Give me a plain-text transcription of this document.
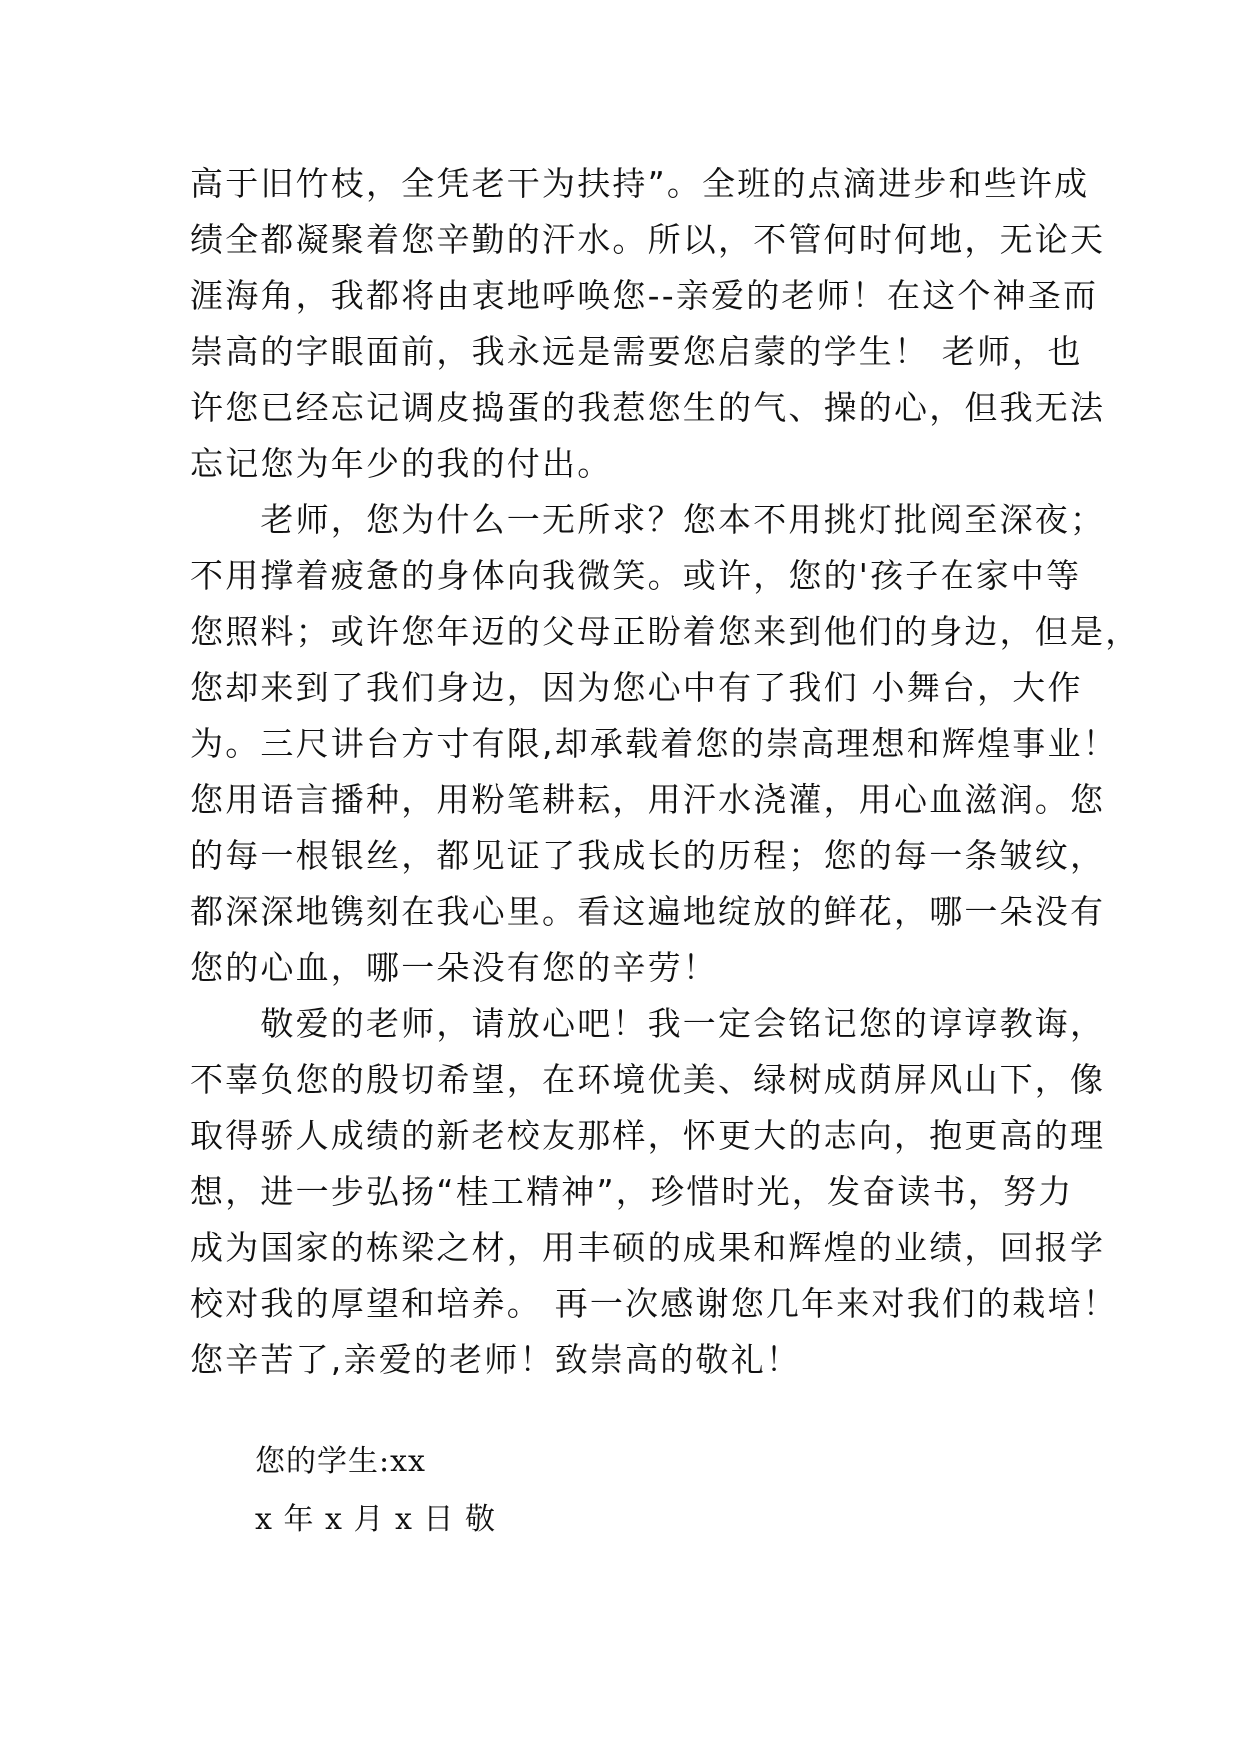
高于旧竹枝，全凭老干为扶持”。全班的点滴进步和些许成
绩全都凝聚着您辛勤的汗水。所以，不管何时何地，无论天
涯海角，我都将由衷地呼唤您--亲爱的老师！在这个神圣而
崇高的字眼面前，我永远是需要您启蒙的学生！ 老师，也
许您已经忘记调皮捣蛋的我惹您生的气、操的心，但我无法
忘记您为年少的我的付出。
　　老师，您为什么一无所求？您本不用挑灯批阅至深夜；
不用撑着疲惫的身体向我微笑。或许，您的'孩子在家中等
您照料；或许您年迈的父母正盼着您来到他们的身边，但是，
您却来到了我们身边，因为您心中有了我们 小舞台，大作
为。三尺讲台方寸有限,却承载着您的崇高理想和辉煌事业！
您用语言播种，用粉笔耕耘，用汗水浇灌，用心血滋润。您
的每一根银丝，都见证了我成长的历程；您的每一条皱纹，
都深深地镌刻在我心里。看这遍地绽放的鲜花，哪一朵没有
您的心血，哪一朵没有您的辛劳！
　　敬爱的老师，请放心吧！我一定会铭记您的谆谆教诲，
不辜负您的殷切希望，在环境优美、绿树成荫屏风山下，像
取得骄人成绩的新老校友那样，怀更大的志向，抱更高的理
想，进一步弘扬“桂工精神”，珍惜时光，发奋读书，努力
成为国家的栋梁之材，用丰硕的成果和辉煌的业绩，回报学
校对我的厚望和培养。 再一次感谢您几年来对我们的栽培！
您辛苦了,亲爱的老师！致崇高的敬礼！
您的学生:xx
x 年 x 月 x 日 敬
